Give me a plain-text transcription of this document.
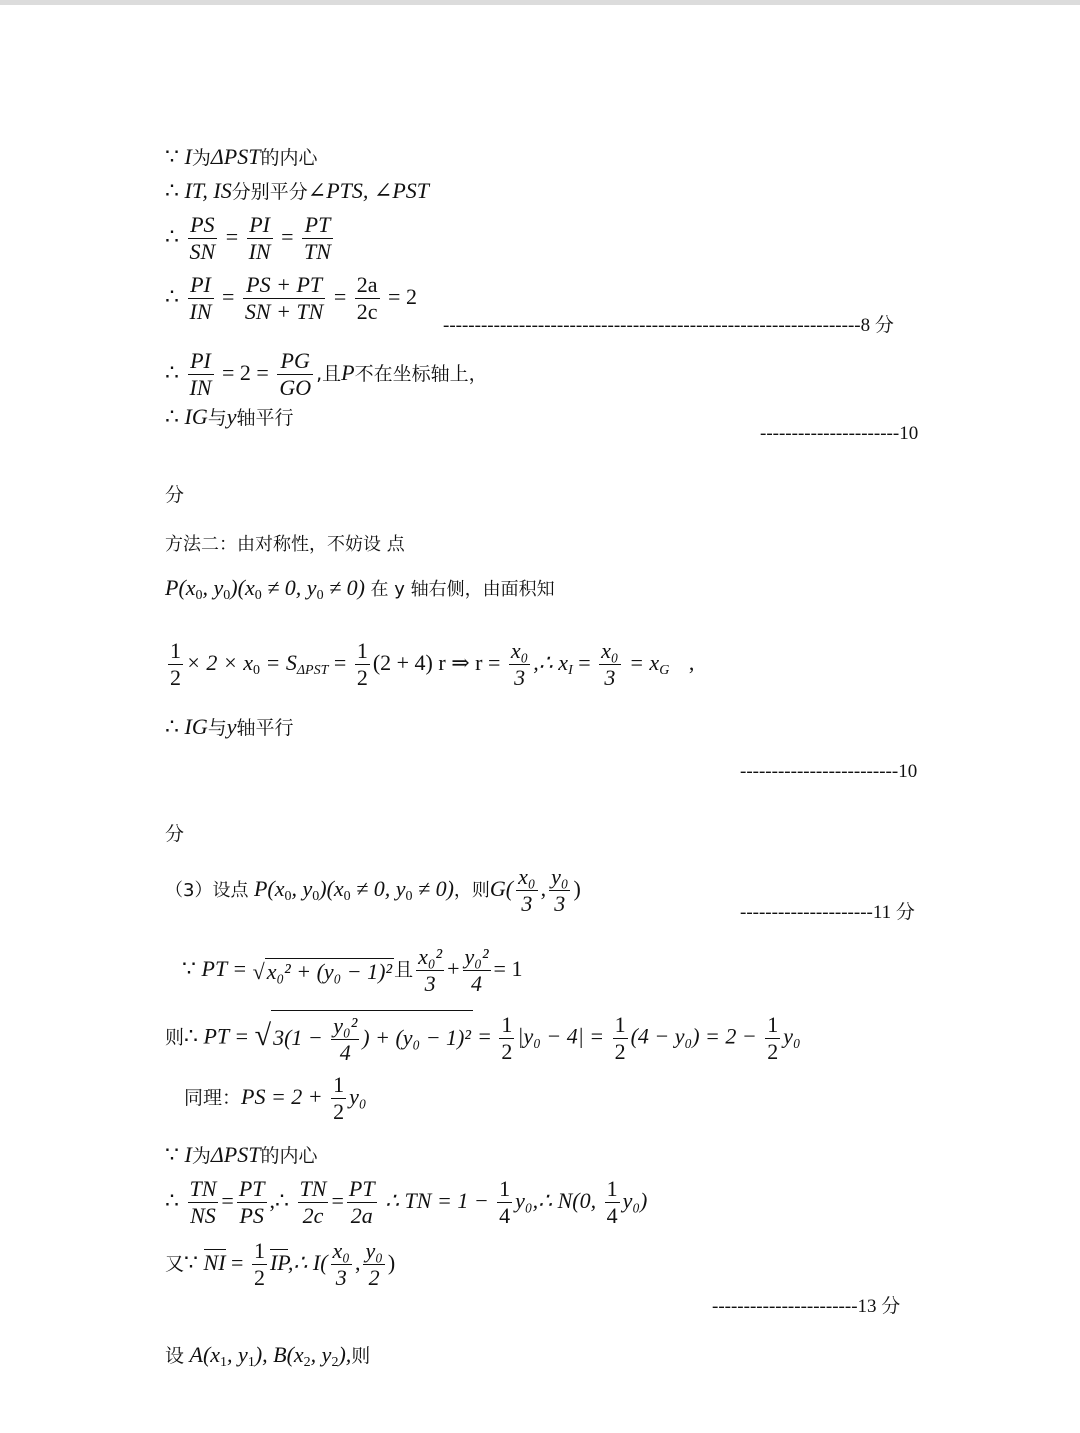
∵ I为ΔPST的内心
∴ IT, IS分别平分∠PTS, ∠PST
∴ $\frac{PS}{SN} = \frac{PI}{IN} = \frac{PT}{TN}$
∴ $\frac{PI}{IN} = \frac{PS + PT}{SN + TN} = \frac{2a}{2c} = 2$
------------------------------------------------------------------8 分
∴ $\frac{PI}{IN} = 2 = \frac{PG}{GO}$ ,且P不在坐标轴上，
∴ IG与y轴平行
----------------------10
分
方法二：由对称性，不妨设 点
$P(x_0$, $y_0)(x_0 \ne 0$, $y_0 \ne 0$) 在 y 轴右侧，由面积知
$\frac{1}{2} \times 2 \times x_0 = S_{\Delta PST} = \frac{1}{2} (2 + 4)$ r ⇒ $r = \frac{\text{x₀}}{3}$ ,∴ $x_I = \frac{\text{x₀}}{3} = x_G$ ,
∴ IG与y轴平行
-------------------------10
分
（3）设点 $P(x_0$, $y_0)(x_0 \ne 0$, $y_0 \ne 0$)，则$G( \frac{\text{x₀}}{3}$ , $\frac{\text{y₀}}{3}$ )
---------------------11 分
∵ PT = √x₀² + (y₀ − 1)² 且 $\frac{\text{x₀²}}{3} + \frac{\text{y₀²}}{4} = 1$
则∴ PT = $√3(1 - \frac{\text{y₀²}}{4}$ ) + $(y_0 - 1)^2 = \frac{1}{2} |y_0 - 4| = \frac{1}{2} (4 - y_0) = 2 - \frac{1}{2} y_0$
同理：PS = $2 + \frac{1}{2} y_0$
∵ I为ΔPST的内心
∴ $\frac{TN}{NS} = \frac{PT}{PS}$ ,∴ $\frac{TN}{2c} = \frac{PT}{2a}$ ∴ TN = $1 - \frac{1}{4}$ y₀,∴ N(0, $\frac{1}{4} y_0$)
又∵ NI = $\frac{1}{2}$ IP,∴ $I( \frac{\text{x₀}}{3}$ , $\frac{\text{y₀}}{2}$ )
-----------------------13 分
设 $A(x_1$, $y_1$), $B(x_2$, $y_2$),则
